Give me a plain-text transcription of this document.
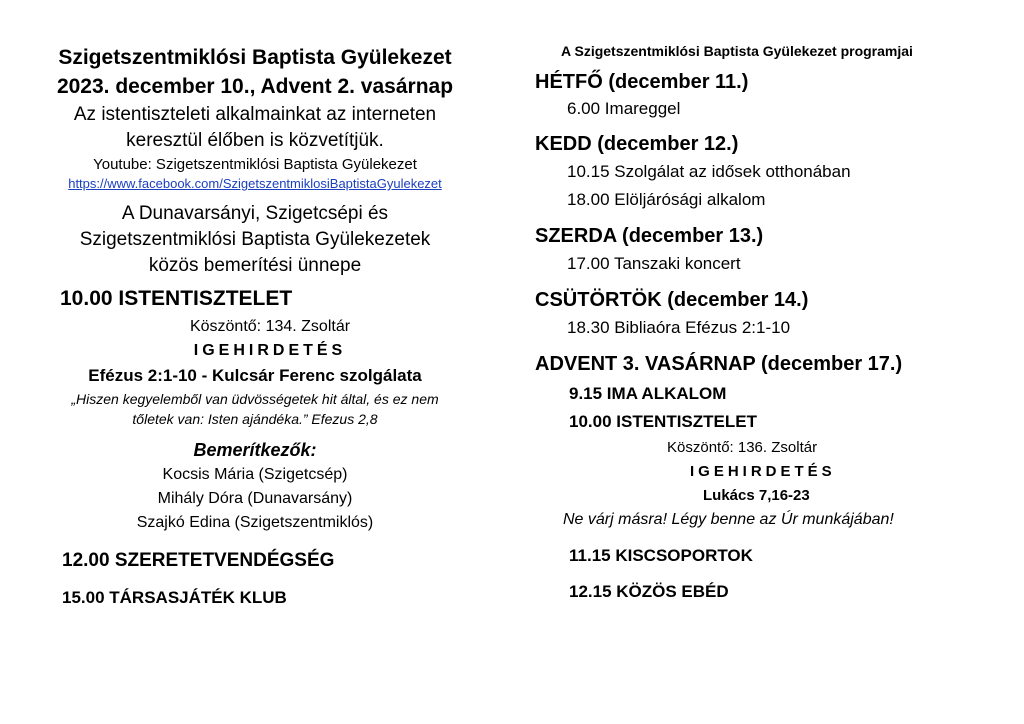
Szigetszentmiklósi Baptista Gyülekezet
2023. december 10., Advent 2. vasárnap
Az istentiszteleti alkalmainkat az interneten
keresztül élőben is közvetítjük.
Youtube: Szigetszentmiklósi Baptista Gyülekezet
https://www.facebook.com/SzigetszentmiklosiBaptistaGyulekezet
A Dunavarsányi, Szigetcsépi és
Szigetszentmiklósi Baptista Gyülekezetek
közös bemerítési ünnepe
10.00 ISTENTISZTELET
Köszöntő: 134. Zsoltár
IGEHIRDETÉS
Efézus 2:1-10 - Kulcsár Ferenc szolgálata
„Hiszen kegyelemből van üdvösségetek hit által, és ez nem
tőletek van: Isten ajándéka.” Efezus 2,8
Bemerítkezők:
Kocsis Mária (Szigetcsép)
Mihály Dóra (Dunavarsány)
Szajkó Edina (Szigetszentmiklós)
12.00 SZERETETVENDÉGSÉG
15.00 TÁRSASJÁTÉK KLUB
A Szigetszentmiklósi Baptista Gyülekezet programjai
HÉTFŐ (december 11.)
6.00 Imareggel
KEDD (december 12.)
10.15 Szolgálat az idősek otthonában
18.00 Elöljárósági alkalom
SZERDA (december 13.)
17.00 Tanszaki koncert
CSÜTÖRTÖK (december 14.)
18.30 Bibliaóra Efézus 2:1-10
ADVENT 3. VASÁRNAP (december 17.)
9.15 IMA ALKALOM
10.00 ISTENTISZTELET
Köszöntő: 136. Zsoltár
IGEHIRDETÉS
Lukács 7,16-23
Ne várj másra! Légy benne az Úr munkájában!
11.15 KISCSOPORTOK
12.15 KÖZÖS EBÉD
